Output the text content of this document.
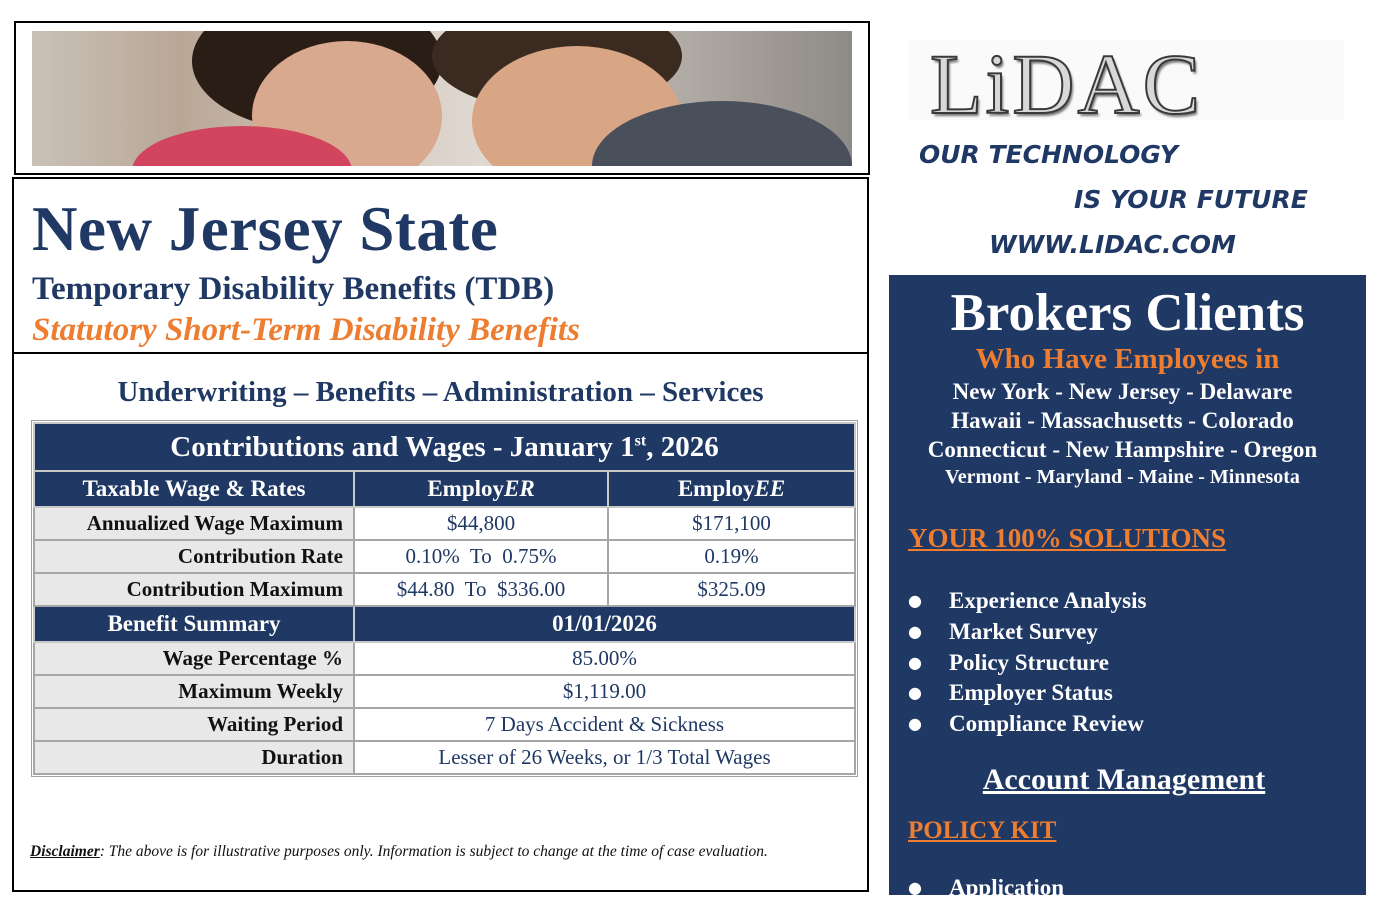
New Jersey State
Temporary Disability Benefits (TDB)
Statutory Short-Term Disability Benefits
Underwriting – Benefits – Administration – Services
Contributions and Wages - January 1st, 2026		
Taxable Wage & Rates	EmployER	EmployEE
Annualized Wage Maximum	$44,800	$171,100
Contribution Rate	0.10%  To  0.75%	0.19%
Contribution Maximum	$44.80  To  $336.00	$325.09
Benefit Summary	01/01/2026	
Wage Percentage %	85.00%	
Maximum Weekly	$1,119.00	
Waiting Period	7 Days Accident & Sickness	
Duration	Lesser of 26 Weeks, or 1/3 Total Wages	
Disclaimer: The above is for illustrative purposes only. Information is subject to change at the time of case evaluation.
LiDAC
OUR TECHNOLOGY
IS YOUR FUTURE
WWW.LIDAC.COM
Brokers Clients
Who Have Employees in
New York - New Jersey - Delaware
Hawaii - Massachusetts - Colorado
Connecticut - New Hampshire - Oregon
Vermont - Maryland - Maine - Minnesota
YOUR 100% SOLUTIONS
● Experience Analysis
● Market Survey
● Policy Structure
● Employer Status
● Compliance Review
Account Management
POLICY KIT
● Application
